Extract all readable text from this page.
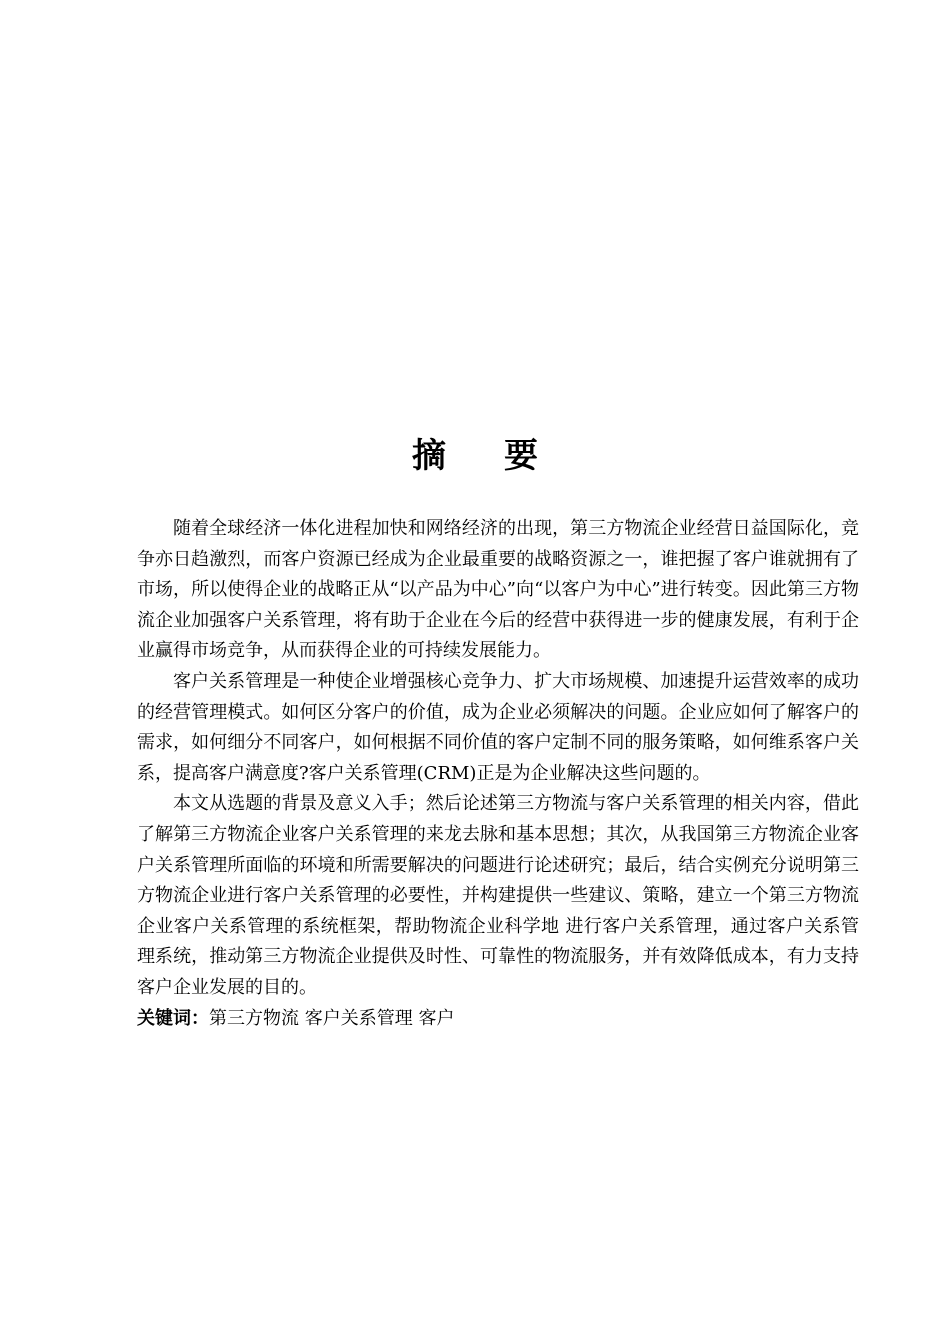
摘要

随着全球经济一体化进程加快和网络经济的出现，第三方物流企业经营日益国际化，竞争亦日趋激烈，而客户资源已经成为企业最重要的战略资源之一，谁把握了客户谁就拥有了市场，所以使得企业的战略正从“以产品为中心”向“以客户为中心”进行转变。因此第三方物流企业加强客户关系管理，将有助于企业在今后的经营中获得进一步的健康发展，有利于企业赢得市场竞争，从而获得企业的可持续发展能力。

客户关系管理是一种使企业增强核心竞争力、扩大市场规模、加速提升运营效率的成功的经营管理模式。如何区分客户的价值，成为企业必须解决的问题。企业应如何了解客户的需求，如何细分不同客户，如何根据不同价值的客户定制不同的服务策略，如何维系客户关系，提高客户满意度?客户关系管理(CRM)正是为企业解决这些问题的。

本文从选题的背景及意义入手；然后论述第三方物流与客户关系管理的相关内容，借此了解第三方物流企业客户关系管理的来龙去脉和基本思想；其次，从我国第三方物流企业客户关系管理所面临的环境和所需要解决的问题进行论述研究；最后，结合实例充分说明第三方物流企业进行客户关系管理的必要性，并构建提供一些建议、策略，建立一个第三方物流企业客户关系管理的系统框架，帮助物流企业科学地 进行客户关系管理，通过客户关系管理系统，推动第三方物流企业提供及时性、可靠性的物流服务，并有效降低成本，有力支持客户企业发展的目的。

关键词：第三方物流 客户关系管理 客户
